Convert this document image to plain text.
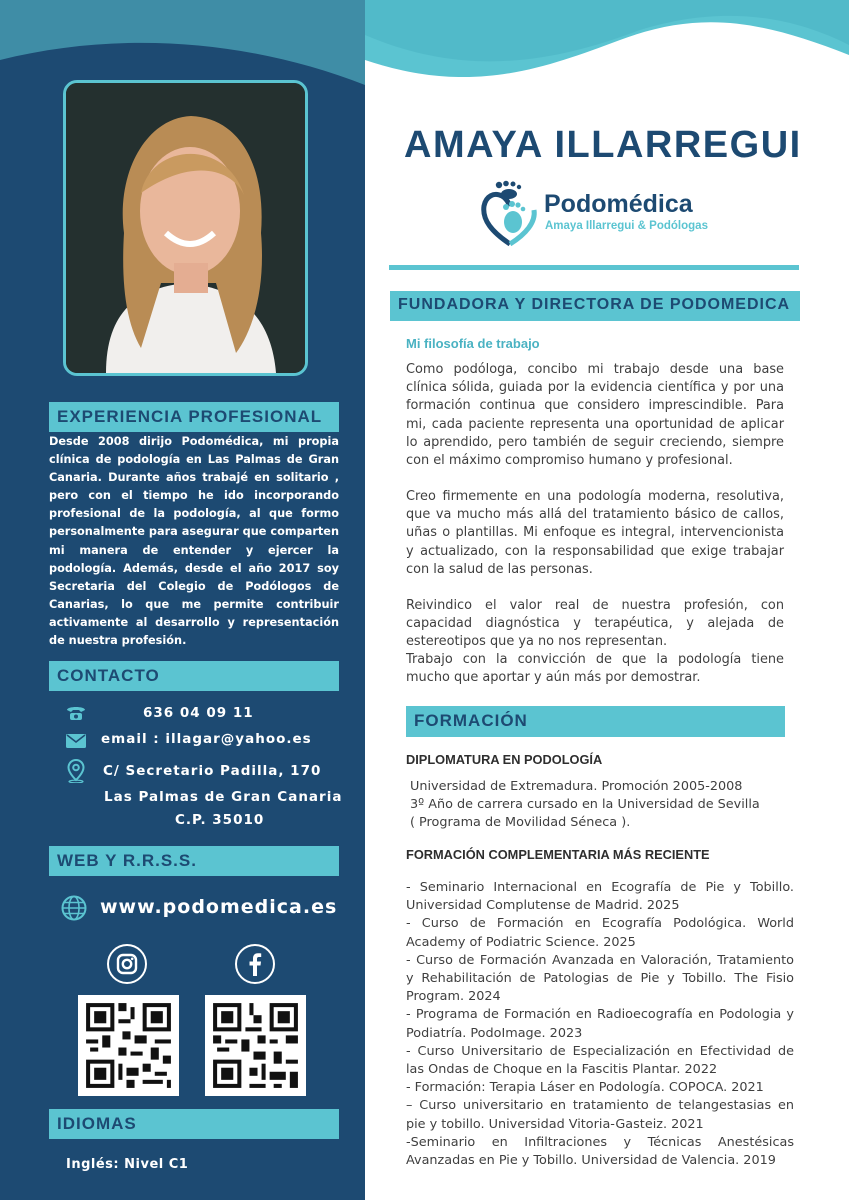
EXPERIENCIA PROFESIONAL
Desde 2008 dirijo Podomédica, mi propia clínica de podología en Las Palmas de Gran Canaria. Durante años trabajé en solitario , pero con el tiempo he ido incorporando profesional de la podología, al que formo personalmente para asegurar que comparten mi manera de entender y ejercer la podología. Además, desde el año 2017 soy Secretaria del Colegio de Podólogos de Canarias, lo que me permite contribuir activamente al desarrollo y representación de nuestra profesión.
CONTACTO
636 04 09 11
email : illagar@yahoo.es
C/ Secretario Padilla, 170
Las Palmas de Gran Canaria
C.P. 35010
WEB Y R.R.S.S.
www.podomedica.es
IDIOMAS
Inglés: Nivel C1
AMAYA ILLARREGUI
Podomédica
Amaya Illarregui & Podólogas
FUNDADORA Y DIRECTORA DE PODOMEDICA
Mi filosofía de trabajo
Como podóloga, concibo mi trabajo desde una base clínica sólida, guiada por la evidencia científica y por una formación continua que considero imprescindible. Para mi, cada paciente representa una oportunidad de aplicar lo aprendido, pero también de seguir creciendo, siempre con el máximo compromiso humano y profesional.
Creo firmemente en una podología moderna, resolutiva, que va mucho más allá del tratamiento básico de callos, uñas o plantillas. Mi enfoque es integral, intervencionista y actualizado, con la responsabilidad que exige trabajar con la salud de las personas.
Reivindico el valor real de nuestra profesión, con capacidad diagnóstica y terapéutica, y alejada de estereotipos que ya no nos representan.
Trabajo con la convicción de que la podología tiene mucho que aportar y aún más por demostrar.
FORMACIÓN
DIPLOMATURA EN PODOLOGÍA
Universidad de Extremadura. Promoción 2005-2008
3º Año de carrera cursado en la Universidad de Sevilla
( Programa de Movilidad Séneca ).
FORMACIÓN COMPLEMENTARIA MÁS RECIENTE
- Seminario Internacional en Ecografía de Pie y Tobillo. Universidad Complutense de Madrid. 2025
- Curso de Formación en Ecografía Podológica. World Academy of Podiatric Science. 2025
- Curso de Formación Avanzada en Valoración, Tratamiento y Rehabilitación de Patologias de Pie y Tobillo. The Fisio Program. 2024
- Programa de Formación en Radioecografía en Podologia y Podiatría. PodoImage. 2023
- Curso Universitario de Especialización en Efectividad de las Ondas de Choque en la Fascitis Plantar. 2022
- Formación: Terapia Láser en Podología. COPOCA. 2021
– Curso universitario en tratamiento de telangestasias en pie y tobillo. Universidad Vitoria-Gasteiz. 2021
-Seminario en Infiltraciones y Técnicas Anestésicas Avanzadas en Pie y Tobillo. Universidad de Valencia. 2019
